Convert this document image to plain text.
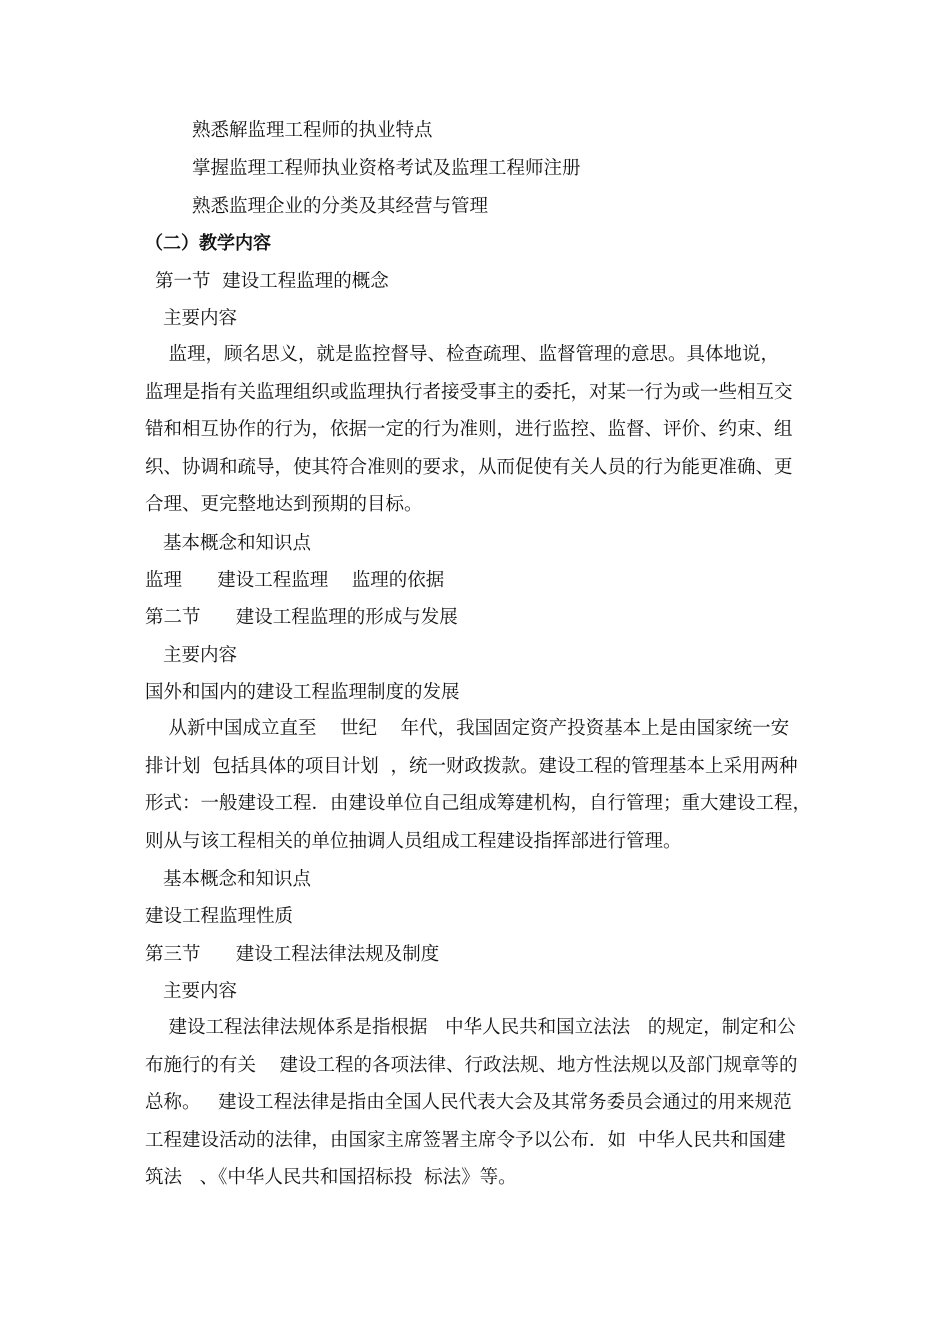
熟悉解监理工程师的执业特点
掌握监理工程师执业资格考试及监理工程师注册
熟悉监理企业的分类及其经营与管理
（二）教学内容
第一节  建设工程监理的概念
主要内容
监理，顾名思义，就是监控督导、检查疏理、监督管理的意思。具体地说，
监理是指有关监理组织或监理执行者接受事主的委托，对某一行为或一些相互交
错和相互协作的行为，依据一定的行为准则，进行监控、监督、评价、约束、组
织、协调和疏导，使其符合准则的要求，从而促使有关人员的行为能更准确、更
合理、更完整地达到预期的目标。
基本概念和知识点
监理      建设工程监理    监理的依据
第二节      建设工程监理的形成与发展
主要内容
国外和国内的建设工程监理制度的发展
从新中国成立直至    世纪    年代，我国固定资产投资基本上是由国家统一安
排计划  包括具体的项目计划  ，统一财政拨款。建设工程的管理基本上采用两种
形式：一般建设工程．由建设单位自己组成筹建机构，自行管理；重大建设工程，
则从与该工程相关的单位抽调人员组成工程建设指挥部进行管理。
基本概念和知识点
建设工程监理性质
第三节      建设工程法律法规及制度
主要内容
建设工程法律法规体系是指根据   中华人民共和国立法法   的规定，制定和公
布施行的有关    建设工程的各项法律、行政法规、地方性法规以及部门规章等的
总称。   建设工程法律是指由全国人民代表大会及其常务委员会通过的用来规范
工程建设活动的法律，由国家主席签署主席令予以公布．如  中华人民共和国建
筑法   、《中华人民共和国招标投  标法》等。
